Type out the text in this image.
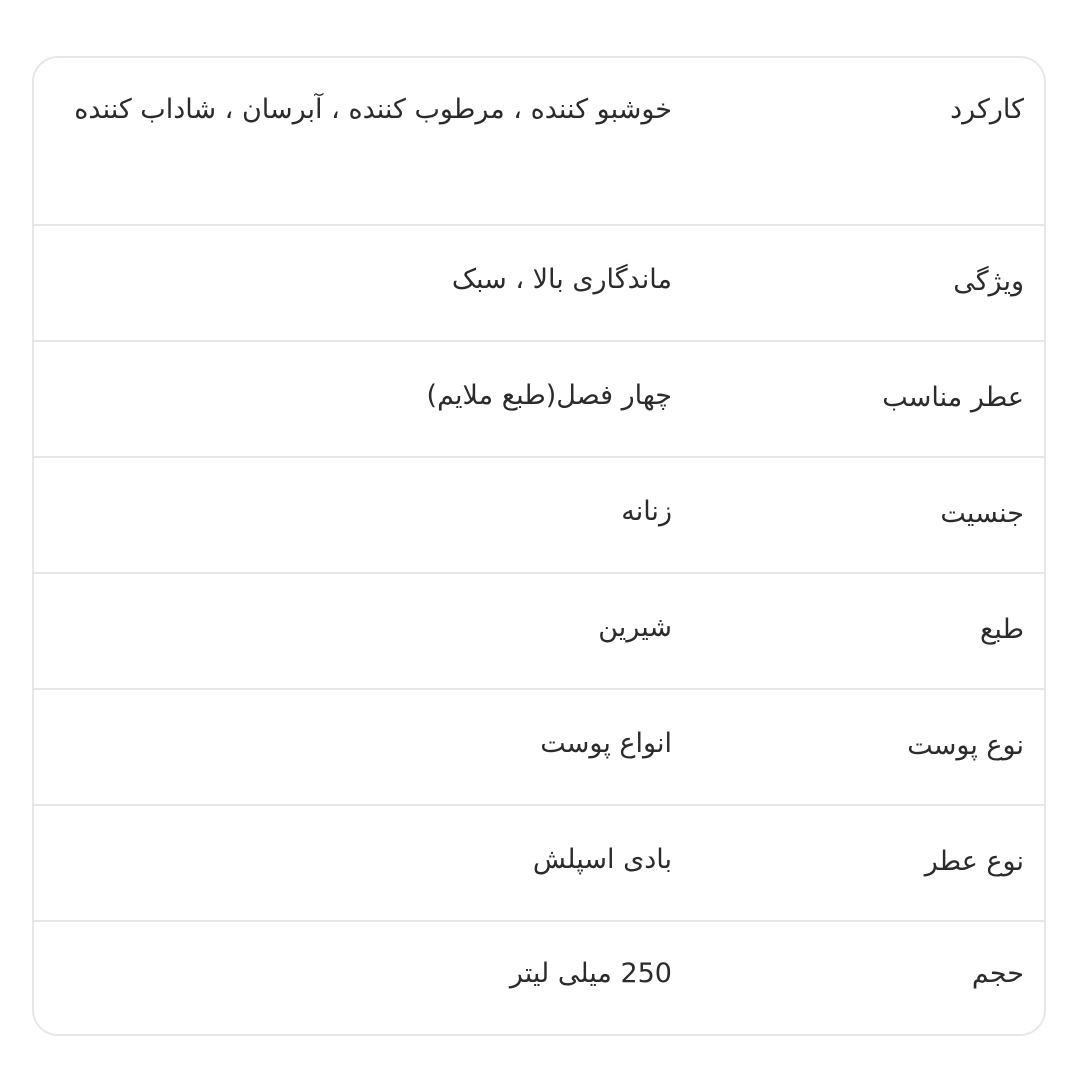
کارکرد
خوشبو کننده ، مرطوب کننده ، آبرسان ، شاداب کننده
ویژگی
ماندگاری بالا ، سبک
عطر مناسب
چهار فصل(طبع ملایم)
جنسیت
زنانه
طبع
شیرین
نوع پوست
انواع پوست
نوع عطر
بادی اسپلش
حجم
250 میلی لیتر
